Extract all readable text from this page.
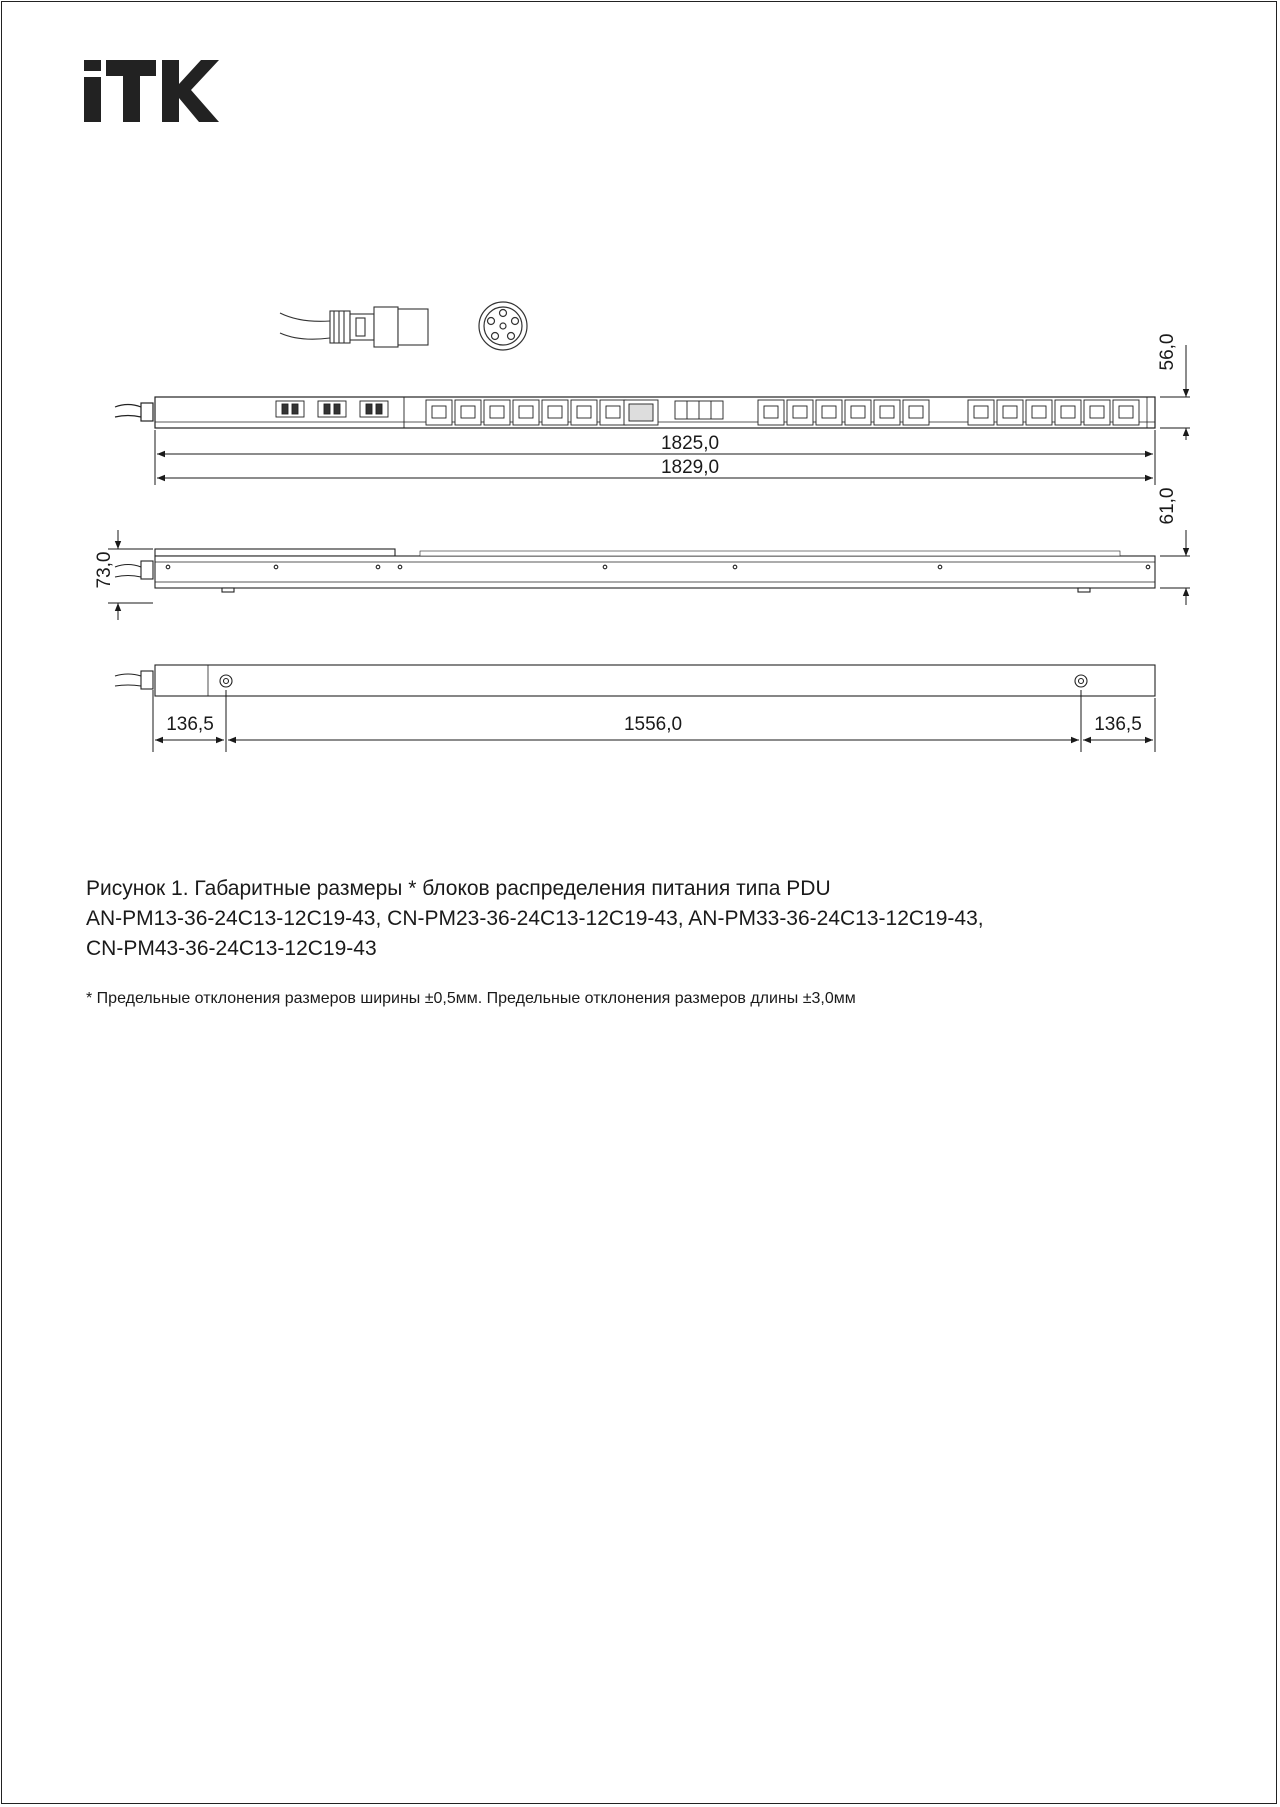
1825,0
1829,0
56,0
73,0
61,0
136,5	1556,0	136,5
Рисунок 1. Габаритные размеры * блоков распределения питания типа PDU
AN-PM13-36-24C13-12C19-43, CN-PM23-36-24C13-12C19-43, AN-PM33-36-24C13-12C19-43,
CN-PM43-36-24C13-12C19-43
* Предельные отклонения размеров ширины ±0,5мм. Предельные отклонения размеров длины ±3,0мм
